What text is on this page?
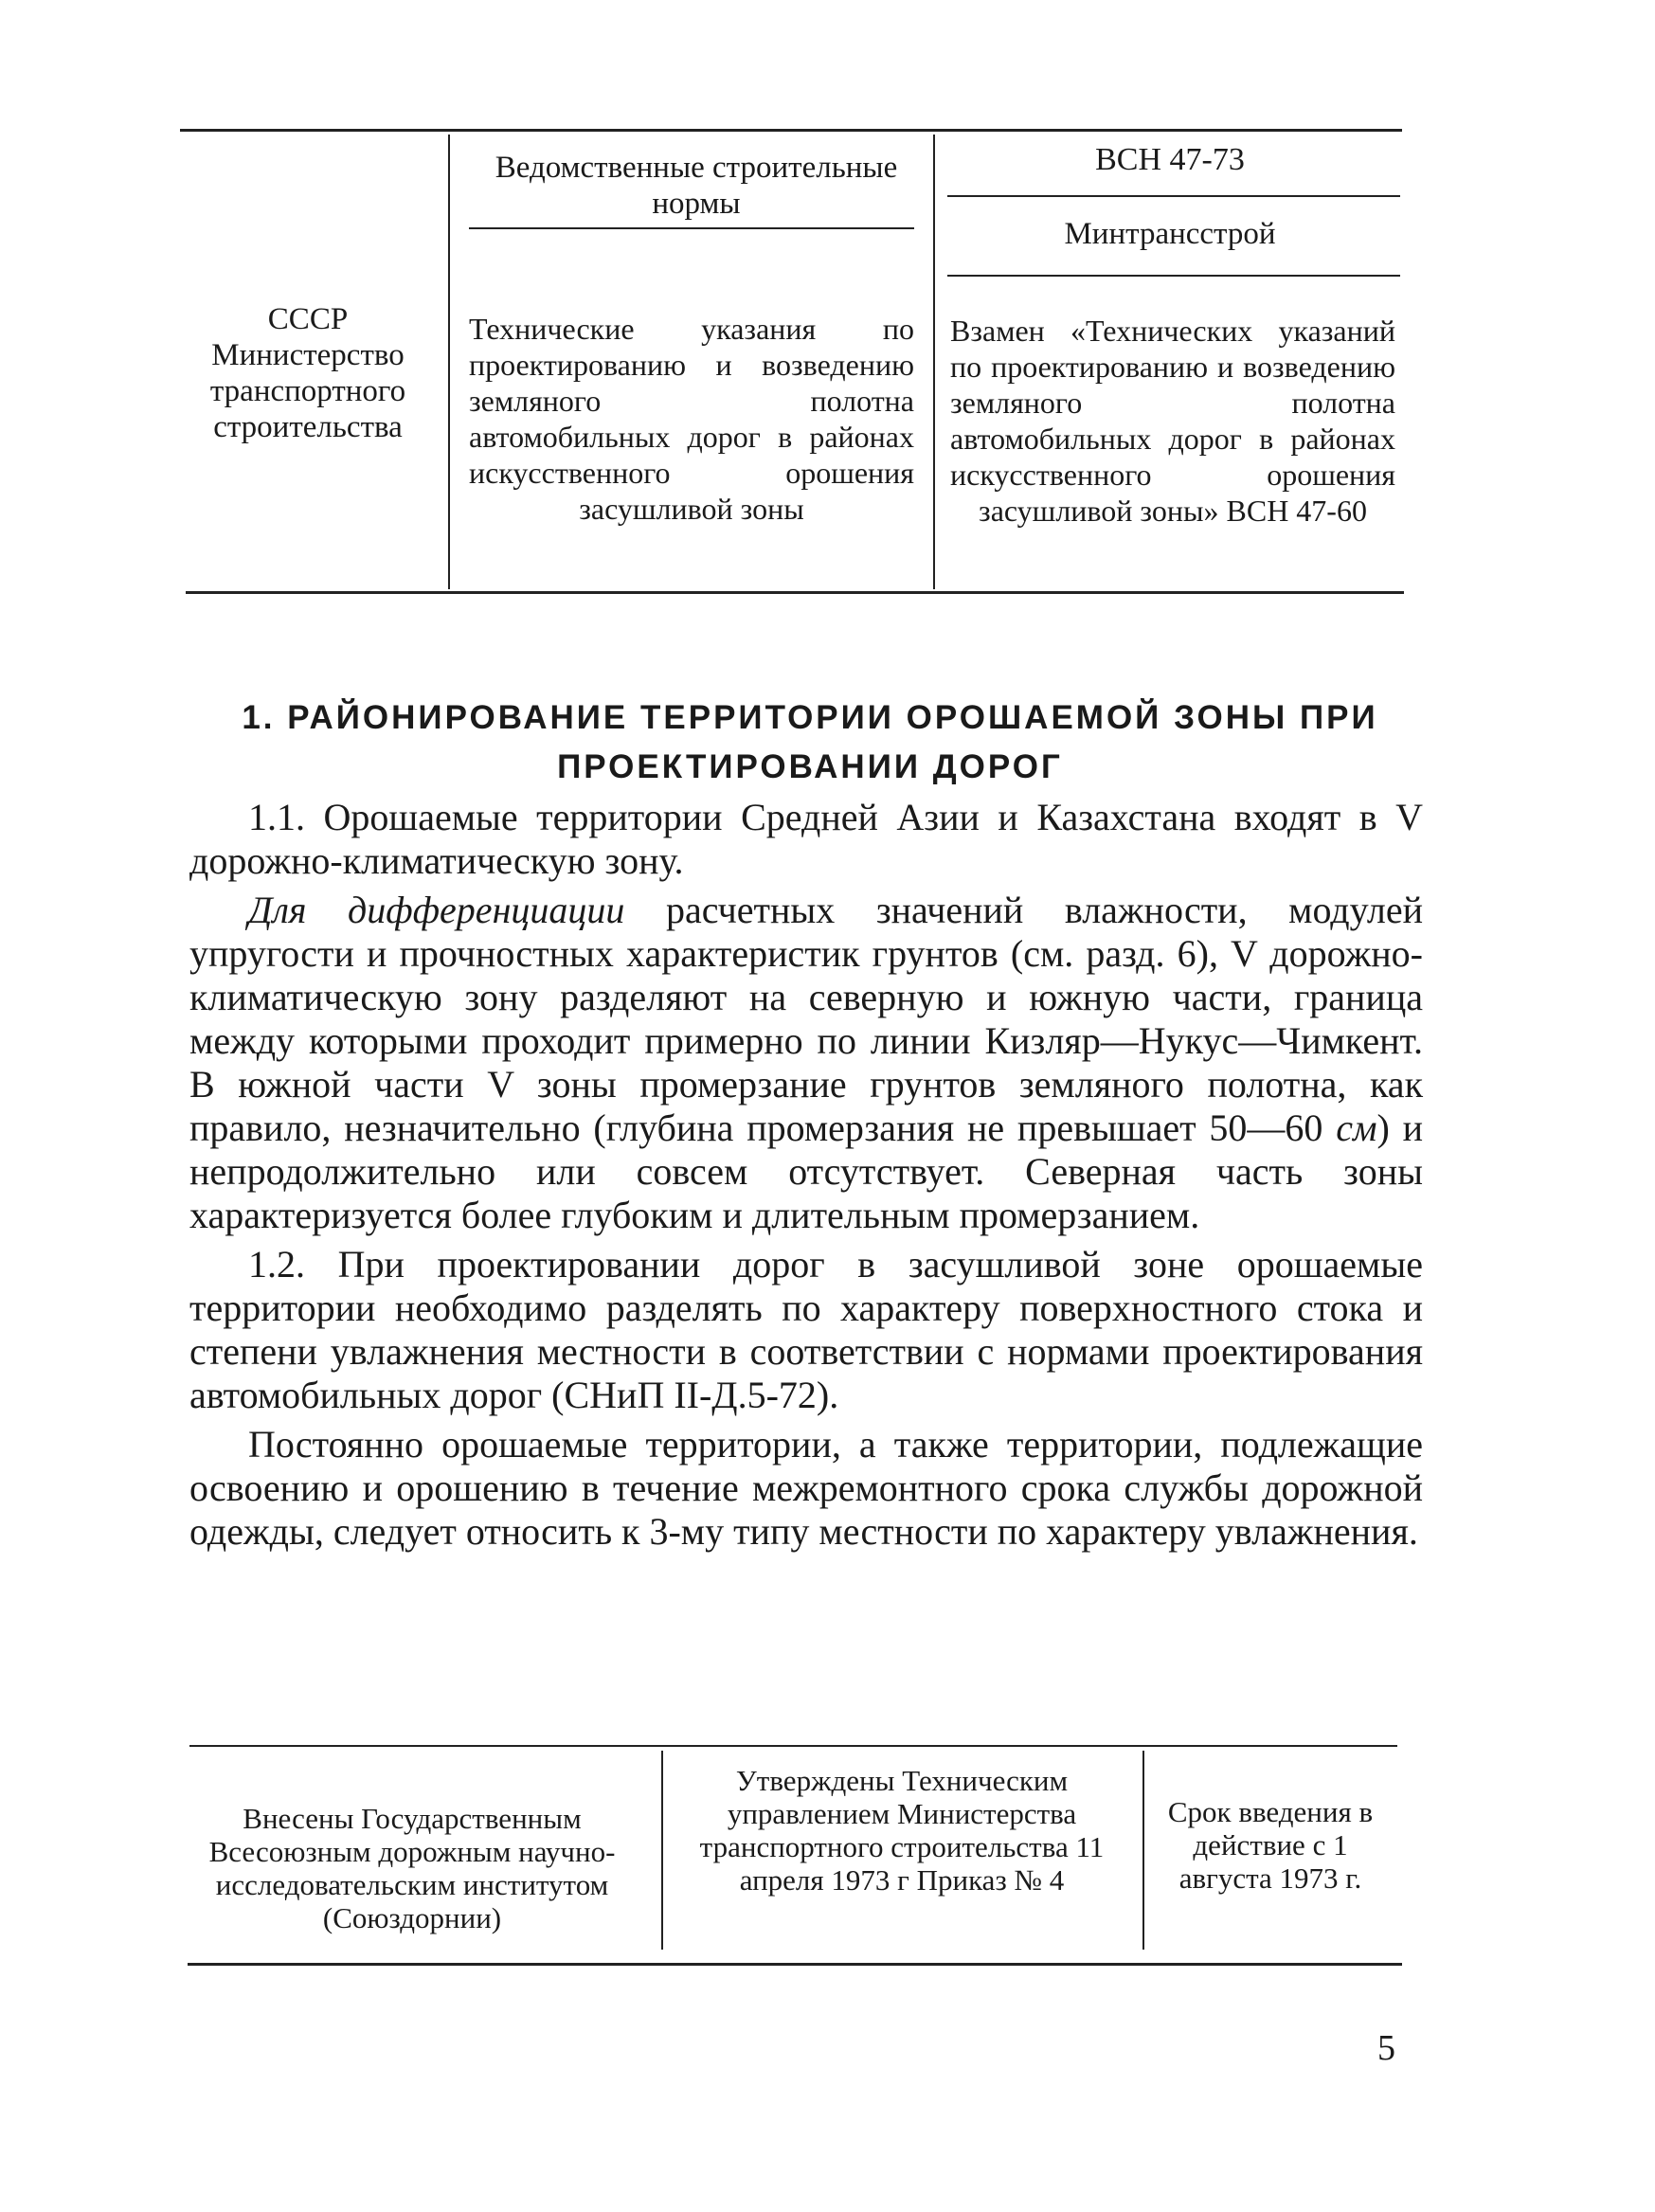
Ведомственные строительные нормы
ВСН 47-73
Минтрансстрой
СССР Министерство транспортного строительства
Технические указания по проектированию и возведению земляного полотна автомобильных дорог в районах искусственного орошения засушливой зоны
Взамен «Технических указаний по проектированию и возведению земляного полотна автомобильных дорог в районах искусственного орошения засушливой зоны» ВСН 47-60
1. РАЙОНИРОВАНИЕ ТЕРРИТОРИИ ОРОШАЕМОЙ ЗОНЫ ПРИ ПРОЕКТИРОВАНИИ ДОРОГ

1.1. Орошаемые территории Средней Азии и Казахстана входят в V дорожно-климатическую зону.

Для дифференциации расчетных значений влажности, модулей упругости и прочностных характеристик грунтов (см. разд. 6), V дорожно-климатическую зону разделяют на северную и южную части, граница между которыми проходит примерно по линии Кизляр—Нукус—Чимкент. В южной части V зоны промерзание грунтов земляного полотна, как правило, незначительно (глубина промерзания не превышает 50—60 см) и непродолжительно или совсем отсутствует. Северная часть зоны характеризуется более глубоким и длительным промерзанием.

1.2. При проектировании дорог в засушливой зоне орошаемые территории необходимо разделять по характеру поверхностного стока и степени увлажнения местности в соответствии с нормами проектирования автомобильных дорог (СНиП II-Д.5-72).

Постоянно орошаемые территории, а также территории, подлежащие освоению и орошению в течение межремонтного срока службы дорожной одежды, следует относить к 3-му типу местности по характеру увлажнения.

Внесены Государственным Всесоюзным дорожным научно-исследовательским институтом (Союздорнии)
Утверждены Техническим управлением Министерства транспортного строительства 11 апреля 1973 г Приказ № 4
Срок введения в действие с 1 августа 1973 г.
5
